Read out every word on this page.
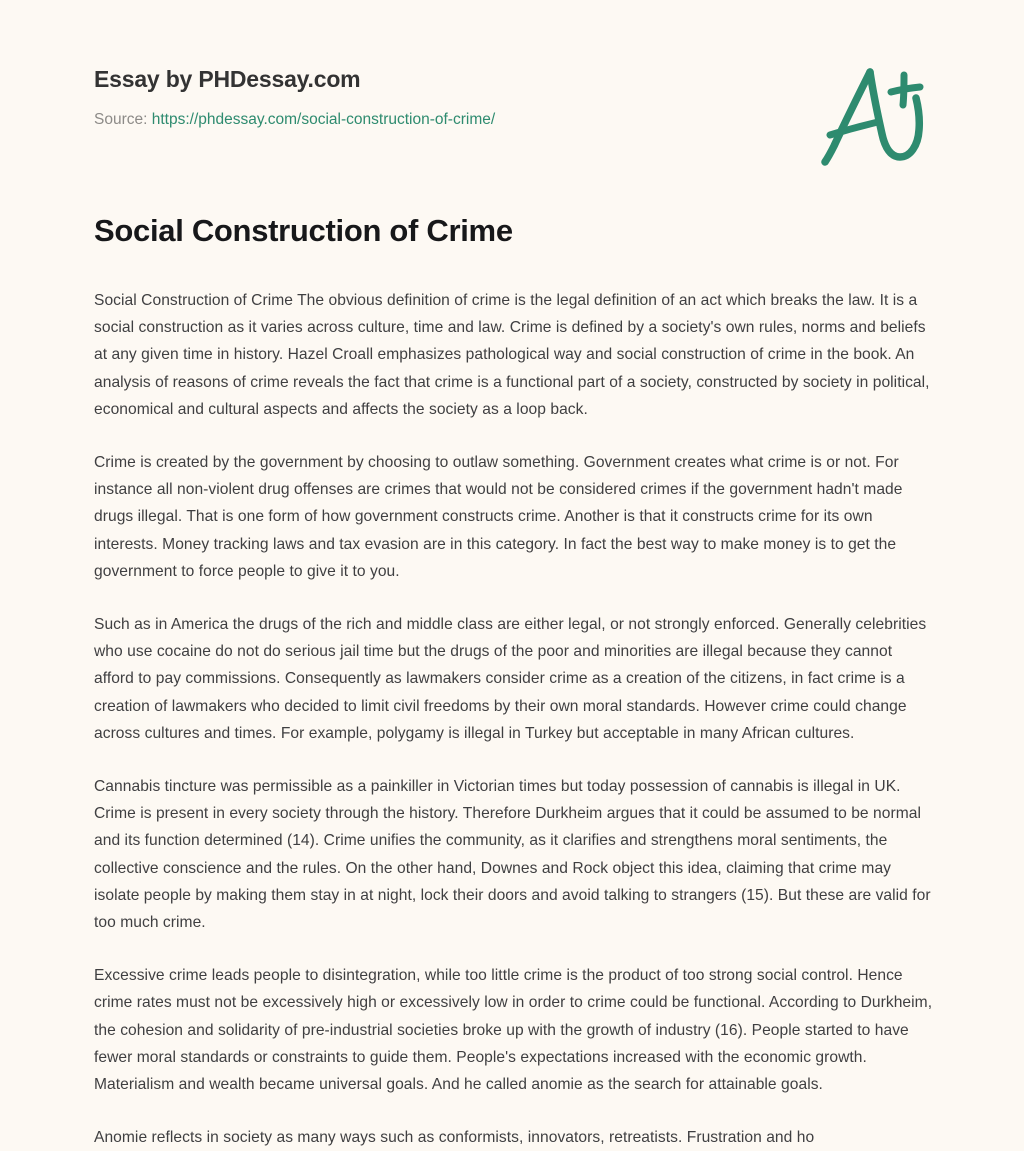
Essay by PHDessay.com
Source: https://phdessay.com/social-construction-of-crime/
Social Construction of Crime

Social Construction of Crime The obvious definition of crime is the legal definition of an act which breaks the law. It is a social construction as it varies across culture, time and law. Crime is defined by a society's own rules, norms and beliefs at any given time in history. Hazel Croall emphasizes pathological way and social construction of crime in the book. An analysis of reasons of crime reveals the fact that crime is a functional part of a society, constructed by society in political, economical and cultural aspects and affects the society as a loop back.

Crime is created by the government by choosing to outlaw something. Government creates what crime is or not. For instance all non-violent drug offenses are crimes that would not be considered crimes if the government hadn't made drugs illegal. That is one form of how government constructs crime. Another is that it constructs crime for its own interests. Money tracking laws and tax evasion are in this category. In fact the best way to make money is to get the government to force people to give it to you.

Such as in America the drugs of the rich and middle class are either legal, or not strongly enforced. Generally celebrities who use cocaine do not do serious jail time but the drugs of the poor and minorities are illegal because they cannot afford to pay commissions. Consequently as lawmakers consider crime as a creation of the citizens, in fact crime is a creation of lawmakers who decided to limit civil freedoms by their own moral standards. However crime could change across cultures and times. For example, polygamy is illegal in Turkey but acceptable in many African cultures.

Cannabis tincture was permissible as a painkiller in Victorian times but today possession of cannabis is illegal in UK. Crime is present in every society through the history. Therefore Durkheim argues that it could be assumed to be normal and its function determined (14). Crime unifies the community, as it clarifies and strengthens moral sentiments, the collective conscience and the rules. On the other hand, Downes and Rock object this idea, claiming that crime may isolate people by making them stay in at night, lock their doors and avoid talking to strangers (15). But these are valid for too much crime.

Excessive crime leads people to disintegration, while too little crime is the product of too strong social control. Hence crime rates must not be excessively high or excessively low in order to crime could be functional. According to Durkheim, the cohesion and solidarity of pre-industrial societies broke up with the growth of industry (16). People started to have fewer moral standards or constraints to guide them. People's expectations increased with the economic growth. Materialism and wealth became universal goals. And he called anomie as the search for attainable goals.

Anomie reflects in society as many ways such as conformists, innovators, retreatists. Frustration and ho
